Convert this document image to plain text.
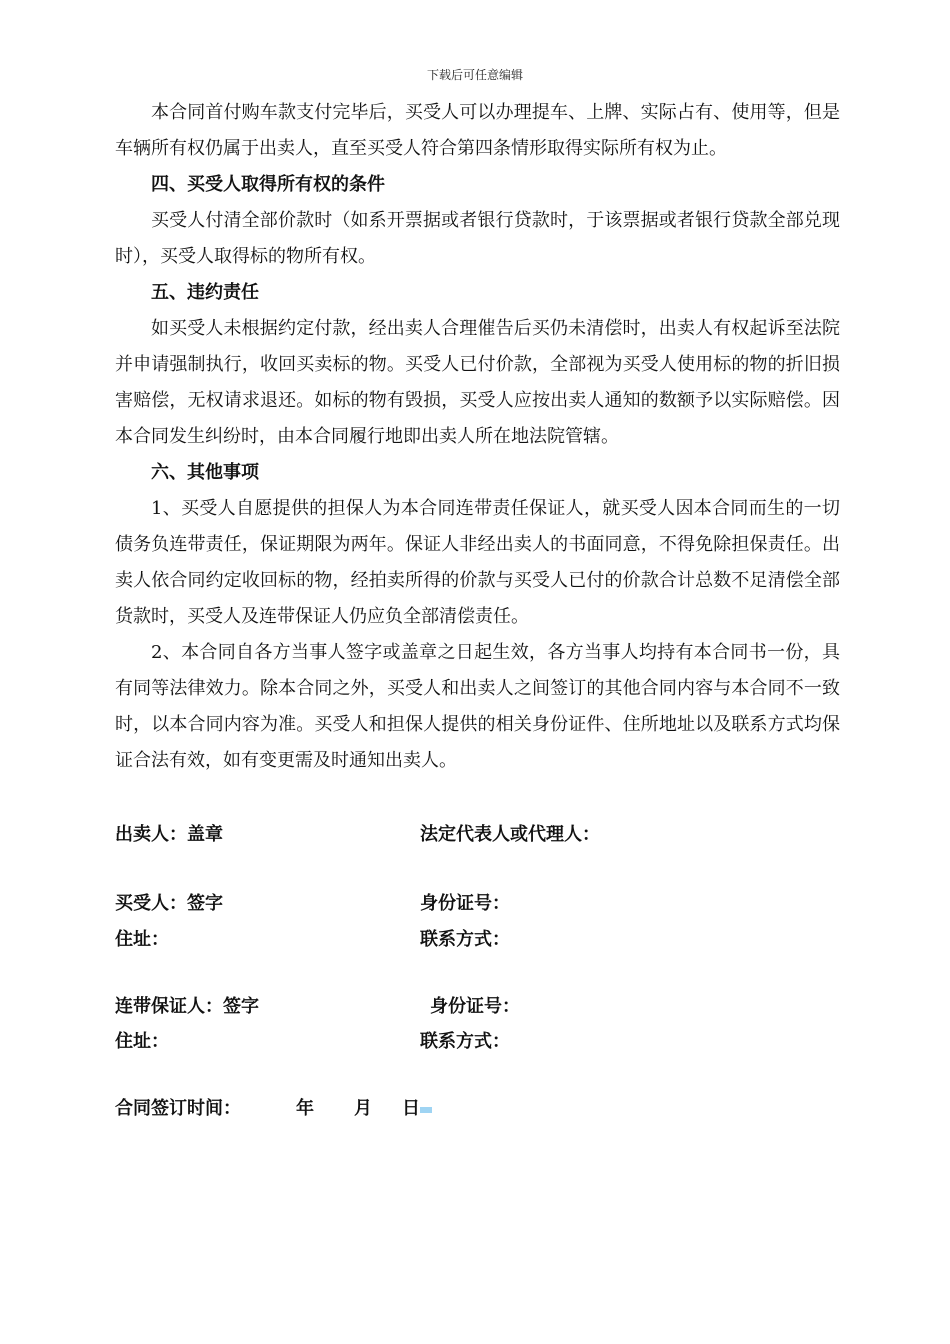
下载后可任意编辑

本合同首付购车款支付完毕后，买受人可以办理提车、上牌、实际占有、使用等，但是车辆所有权仍属于出卖人，直至买受人符合第四条情形取得实际所有权为止。

四、买受人取得所有权的条件

买受人付清全部价款时（如系开票据或者银行贷款时，于该票据或者银行贷款全部兑现时），买受人取得标的物所有权。

五、违约责任

如买受人未根据约定付款，经出卖人合理催告后买仍未清偿时，出卖人有权起诉至法院并申请强制执行，收回买卖标的物。买受人已付价款，全部视为买受人使用标的物的折旧损害赔偿，无权请求退还。如标的物有毁损，买受人应按出卖人通知的数额予以实际赔偿。因本合同发生纠纷时，由本合同履行地即出卖人所在地法院管辖。

六、其他事项

1、买受人自愿提供的担保人为本合同连带责任保证人，就买受人因本合同而生的一切债务负连带责任，保证期限为两年。保证人非经出卖人的书面同意，不得免除担保责任。出卖人依合同约定收回标的物，经拍卖所得的价款与买受人已付的价款合计总数不足清偿全部货款时，买受人及连带保证人仍应负全部清偿责任。

2、本合同自各方当事人签字或盖章之日起生效，各方当事人均持有本合同书一份，具有同等法律效力。除本合同之外，买受人和出卖人之间签订的其他合同内容与本合同不一致时，以本合同内容为准。买受人和担保人提供的相关身份证件、住所地址以及联系方式均保证合法有效，如有变更需及时通知出卖人。

出卖人：盖章	法定代表人或代理人：
买受人：签字	身份证号：
住址：	联系方式：
连带保证人：签字	身份证号：
住址：	联系方式：
合同签订时间：	年 月 日
